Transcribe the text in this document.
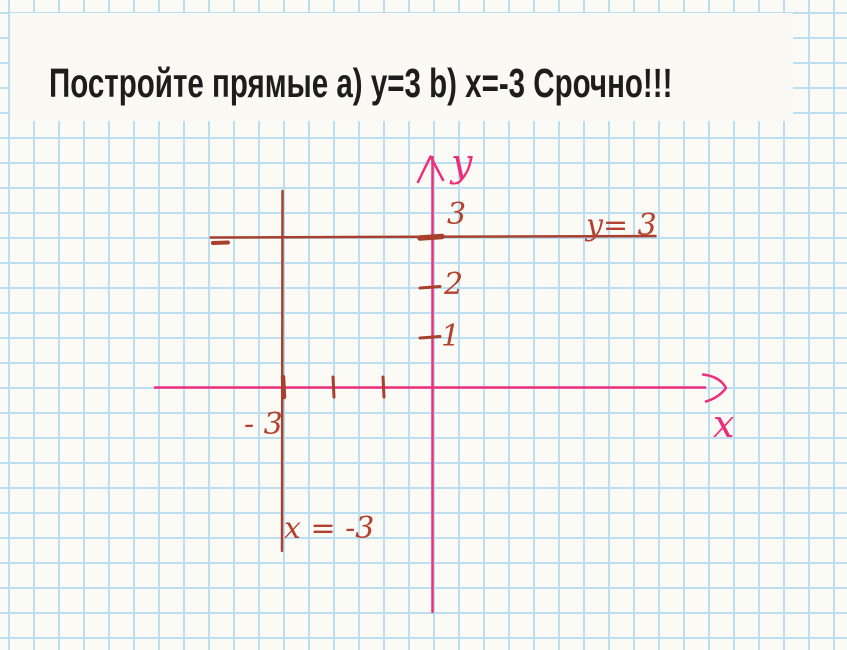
Постройте прямые a) y=3 b) x=-3 Срочно!!!
y
x
3
2
1
- 3
y= 3
x = -3
